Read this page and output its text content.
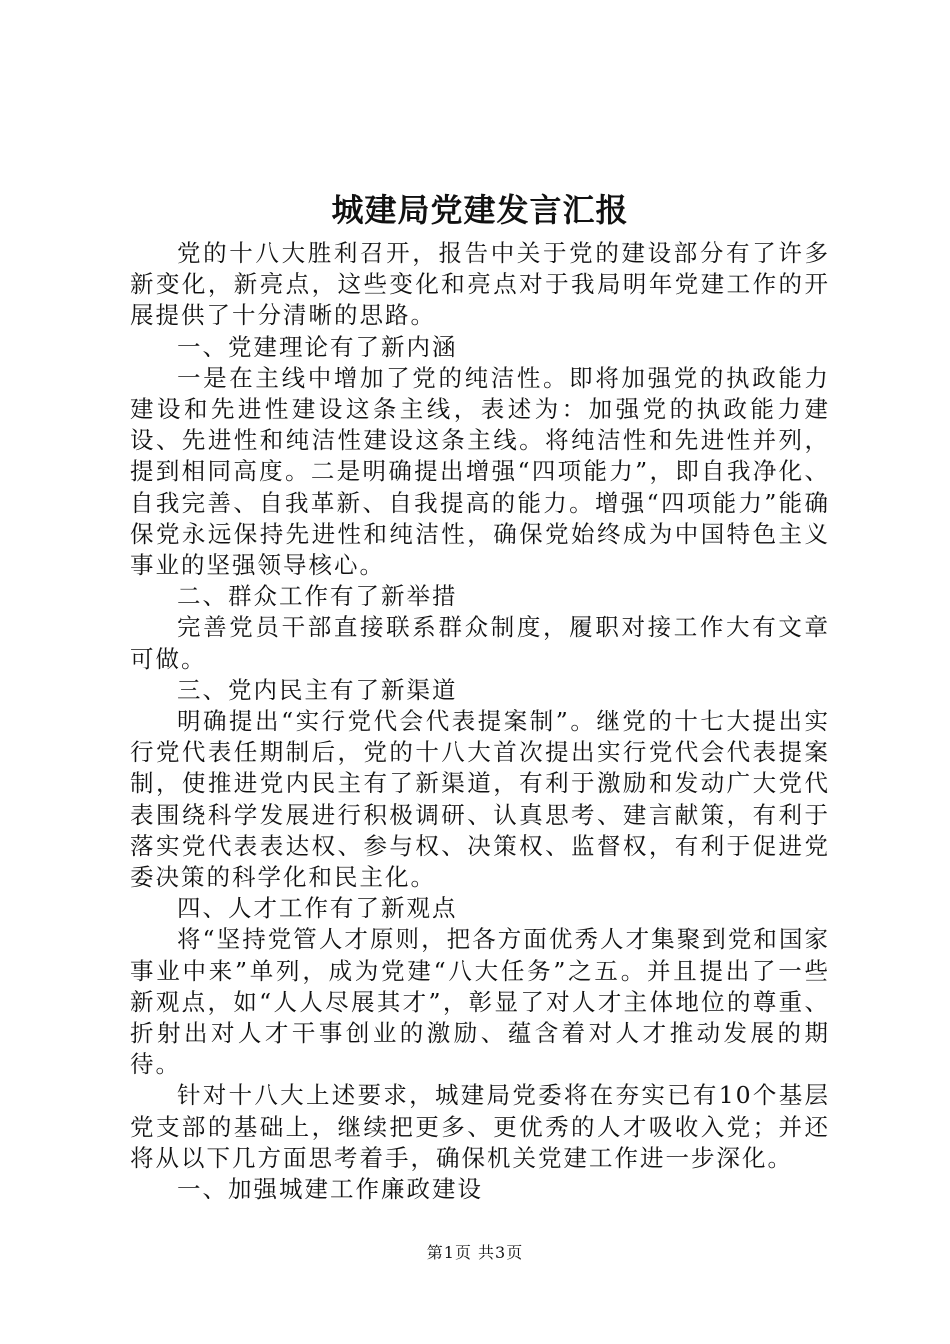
城建局党建发言汇报

党的十八大胜利召开，报告中关于党的建设部分有了许多新变化，新亮点，这些变化和亮点对于我局明年党建工作的开展提供了十分清晰的思路。

一、党建理论有了新内涵

一是在主线中增加了党的纯洁性。即将加强党的执政能力建设和先进性建设这条主线，表述为：加强党的执政能力建设、先进性和纯洁性建设这条主线。将纯洁性和先进性并列，提到相同高度。二是明确提出增强“四项能力”，即自我净化、自我完善、自我革新、自我提高的能力。增强“四项能力”能确保党永远保持先进性和纯洁性，确保党始终成为中国特色主义事业的坚强领导核心。

二、群众工作有了新举措

完善党员干部直接联系群众制度，履职对接工作大有文章可做。

三、党内民主有了新渠道

明确提出“实行党代会代表提案制”。继党的十七大提出实行党代表任期制后，党的十八大首次提出实行党代会代表提案制，使推进党内民主有了新渠道，有利于激励和发动广大党代表围绕科学发展进行积极调研、认真思考、建言献策，有利于落实党代表表达权、参与权、决策权、监督权，有利于促进党委决策的科学化和民主化。

四、人才工作有了新观点

将“坚持党管人才原则，把各方面优秀人才集聚到党和国家事业中来”单列，成为党建“八大任务”之五。并且提出了一些新观点，如“人人尽展其才”，彰显了对人才主体地位的尊重、折射出对人才干事创业的激励、蕴含着对人才推动发展的期待。

针对十八大上述要求，城建局党委将在夯实已有10个基层党支部的基础上，继续把更多、更优秀的人才吸收入党；并还将从以下几方面思考着手，确保机关党建工作进一步深化。

一、加强城建工作廉政建设

第1页 共3页
